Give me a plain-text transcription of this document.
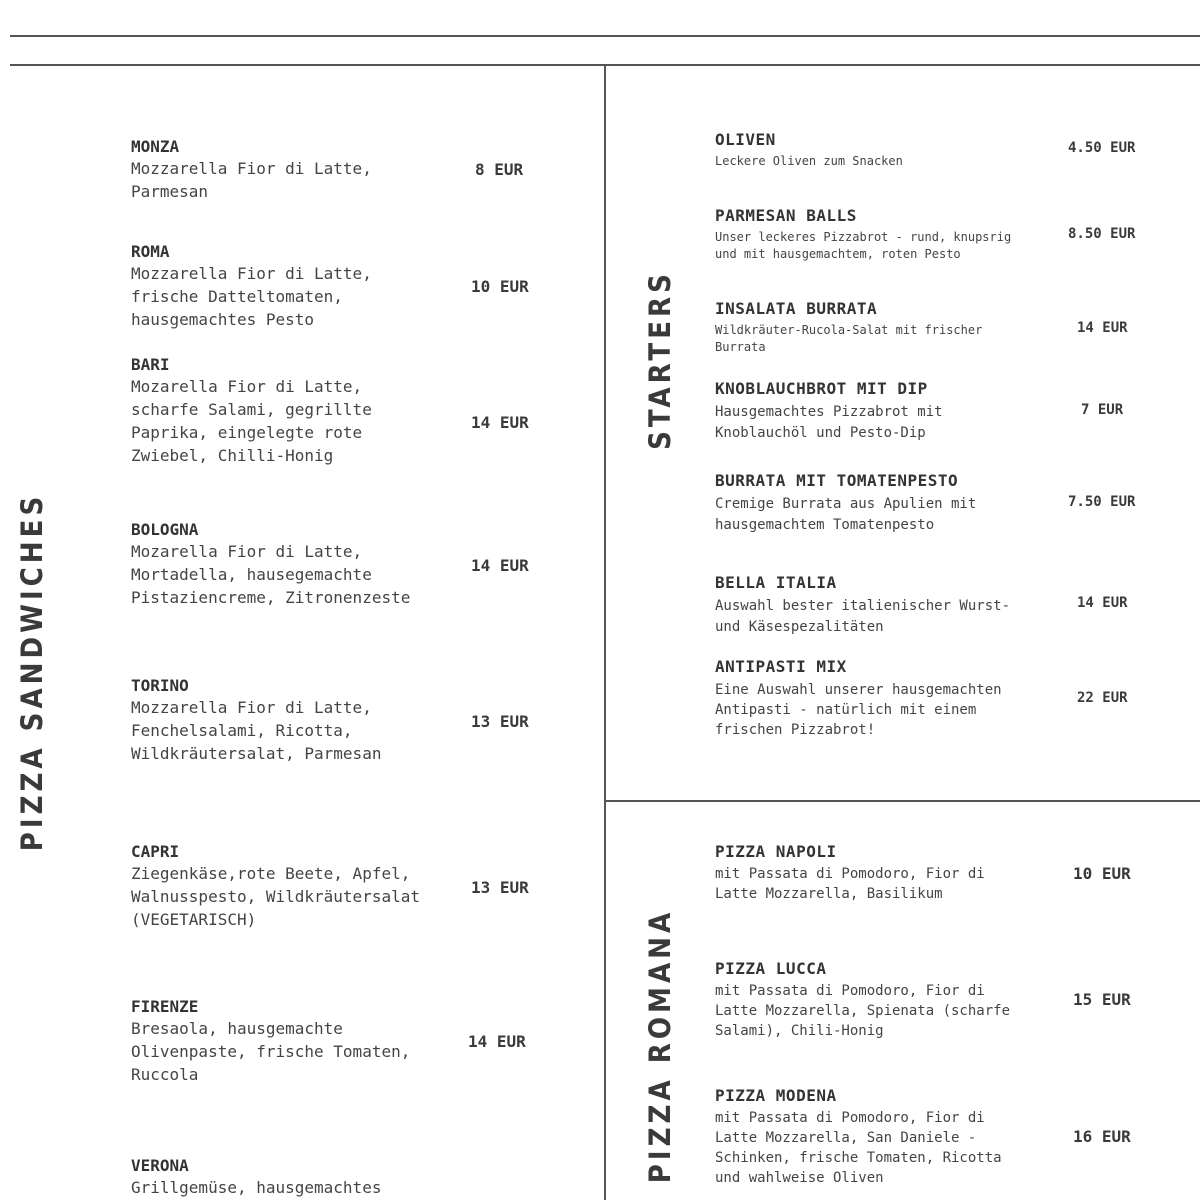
PIZZA SANDWICHES
STARTERS
PIZZA ROMANA
MONZA
Mozzarella Fior di Latte,
Parmesan
8 EUR
ROMA
Mozzarella Fior di Latte,
frische Datteltomaten,
hausgemachtes Pesto
10 EUR
BARI
Mozarella Fior di Latte,
scharfe Salami, gegrillte
Paprika, eingelegte rote
Zwiebel, Chilli-Honig
14 EUR
BOLOGNA
Mozarella Fior di Latte,
Mortadella, hausegemachte
Pistaziencreme, Zitronenzeste
14 EUR
TORINO
Mozzarella Fior di Latte,
Fenchelsalami, Ricotta,
Wildkräutersalat, Parmesan
13 EUR
CAPRI
Ziegenkäse,rote Beete, Apfel,
Walnusspesto, Wildkräutersalat
(VEGETARISCH)
13 EUR
FIRENZE
Bresaola, hausgemachte
Olivenpaste, frische Tomaten,
Ruccola
14 EUR
VERONA
Grillgemüse, hausgemachtes
OLIVEN
Leckere Oliven zum Snacken
4.50 EUR
PARMESAN BALLS
Unser leckeres Pizzabrot - rund, knupsrig
und mit hausgemachtem, roten Pesto
8.50 EUR
INSALATA BURRATA
Wildkräuter-Rucola-Salat mit frischer
Burrata
14 EUR
KNOBLAUCHBROT MIT DIP
Hausgemachtes Pizzabrot mit
Knoblauchöl und Pesto-Dip
7 EUR
BURRATA MIT TOMATENPESTO
Cremige Burrata aus Apulien mit
hausgemachtem Tomatenpesto
7.50 EUR
BELLA ITALIA
Auswahl bester italienischer Wurst-
und Käsespezalitäten
14 EUR
ANTIPASTI MIX
Eine Auswahl unserer hausgemachten
Antipasti - natürlich mit einem
frischen Pizzabrot!
22 EUR
PIZZA NAPOLI
mit Passata di Pomodoro, Fior di
Latte Mozzarella, Basilikum
10 EUR
PIZZA LUCCA
mit Passata di Pomodoro, Fior di
Latte Mozzarella, Spienata (scharfe
Salami), Chili-Honig
15 EUR
PIZZA MODENA
mit Passata di Pomodoro, Fior di
Latte Mozzarella, San Daniele -
Schinken, frische Tomaten, Ricotta
und wahlweise Oliven
16 EUR
